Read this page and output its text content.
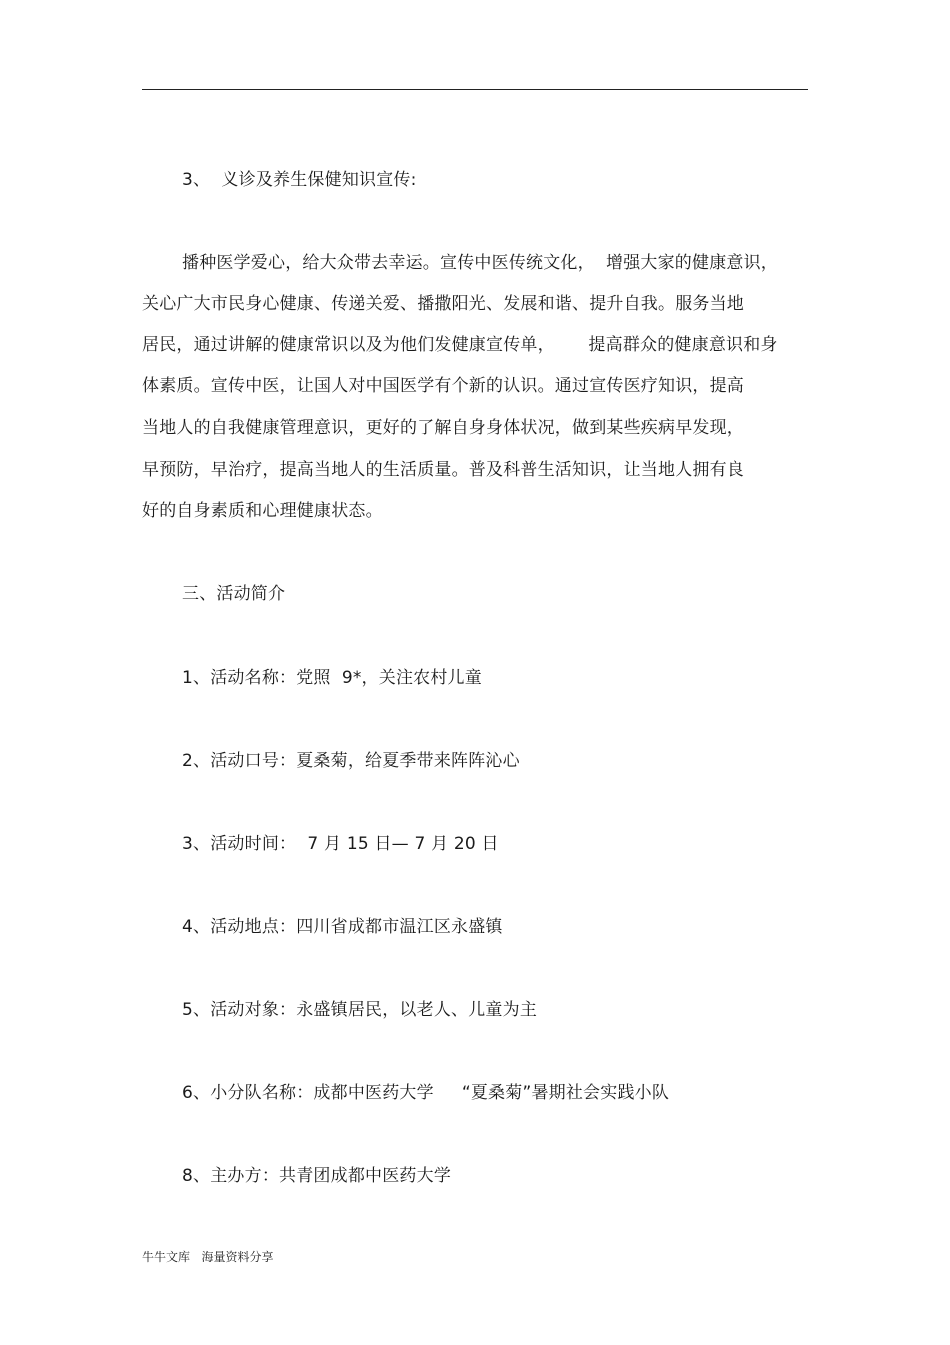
3、  义诊及养生保健知识宣传:
播种医学爱心，给大众带去幸运。宣传中医传统文化，  增强大家的健康意识，
关心广大市民身心健康、传递关爱、播撒阳光、发展和谐、提升自我。服务当地
居民，通过讲解的健康常识以及为他们发健康宣传单，      提高群众的健康意识和身
体素质。宣传中医，让国人对中国医学有个新的认识。通过宣传医疗知识，提高
当地人的自我健康管理意识，更好的了解自身身体状况，做到某些疾病早发现，
早预防，早治疗，提高当地人的生活质量。普及科普生活知识，让当地人拥有良
好的自身素质和心理健康状态。
三、活动简介
1、活动名称：党照  9*，关注农村儿童
2、活动口号：夏桑菊，给夏季带来阵阵沁心
3、活动时间：  7 月 15 日— 7 月 20 日
4、活动地点：四川省成都市温江区永盛镇
5、活动对象：永盛镇居民，以老人、儿童为主
6、小分队名称：成都中医药大学     “夏桑菊”暑期社会实践小队
8、主办方：共青团成都中医药大学
牛牛文库   海量资料分享
